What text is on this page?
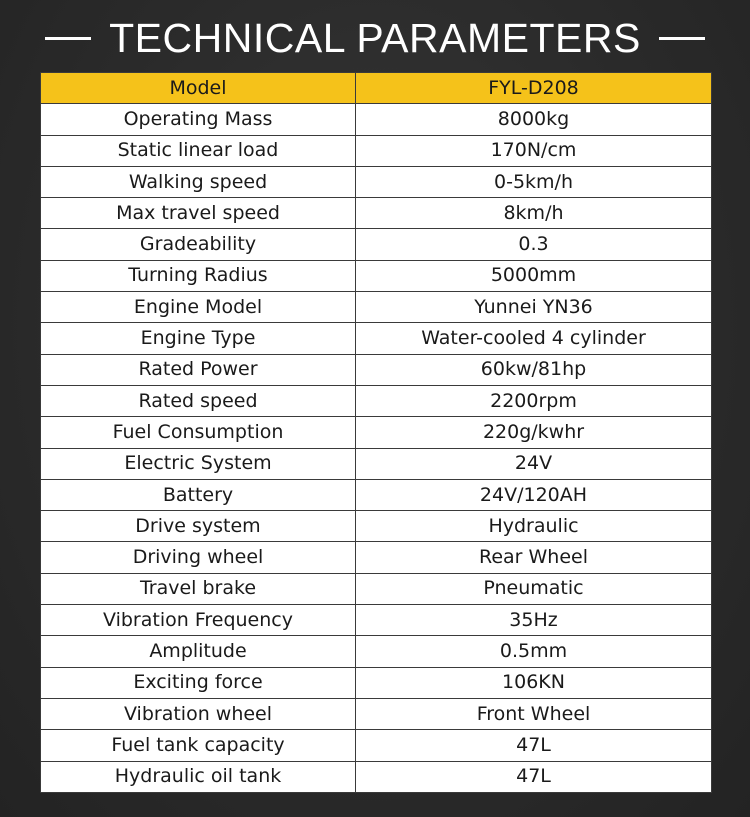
TECHNICAL PARAMETERS
Model	FYL-D208
Operating Mass	8000kg
Static linear load	170N/cm
Walking speed	0-5km/h
Max travel speed	8km/h
Gradeability	0.3
Turning Radius	5000mm
Engine Model	Yunnei YN36
Engine Type	Water-cooled 4 cylinder
Rated Power	60kw/81hp
Rated speed	2200rpm
Fuel Consumption	220g/kwhr
Electric System	24V
Battery	24V/120AH
Drive system	Hydraulic
Driving wheel	Rear Wheel
Travel brake	Pneumatic
Vibration Frequency	35Hz
Amplitude	0.5mm
Exciting force	106KN
Vibration wheel	Front Wheel
Fuel tank capacity	47L
Hydraulic oil tank	47L
